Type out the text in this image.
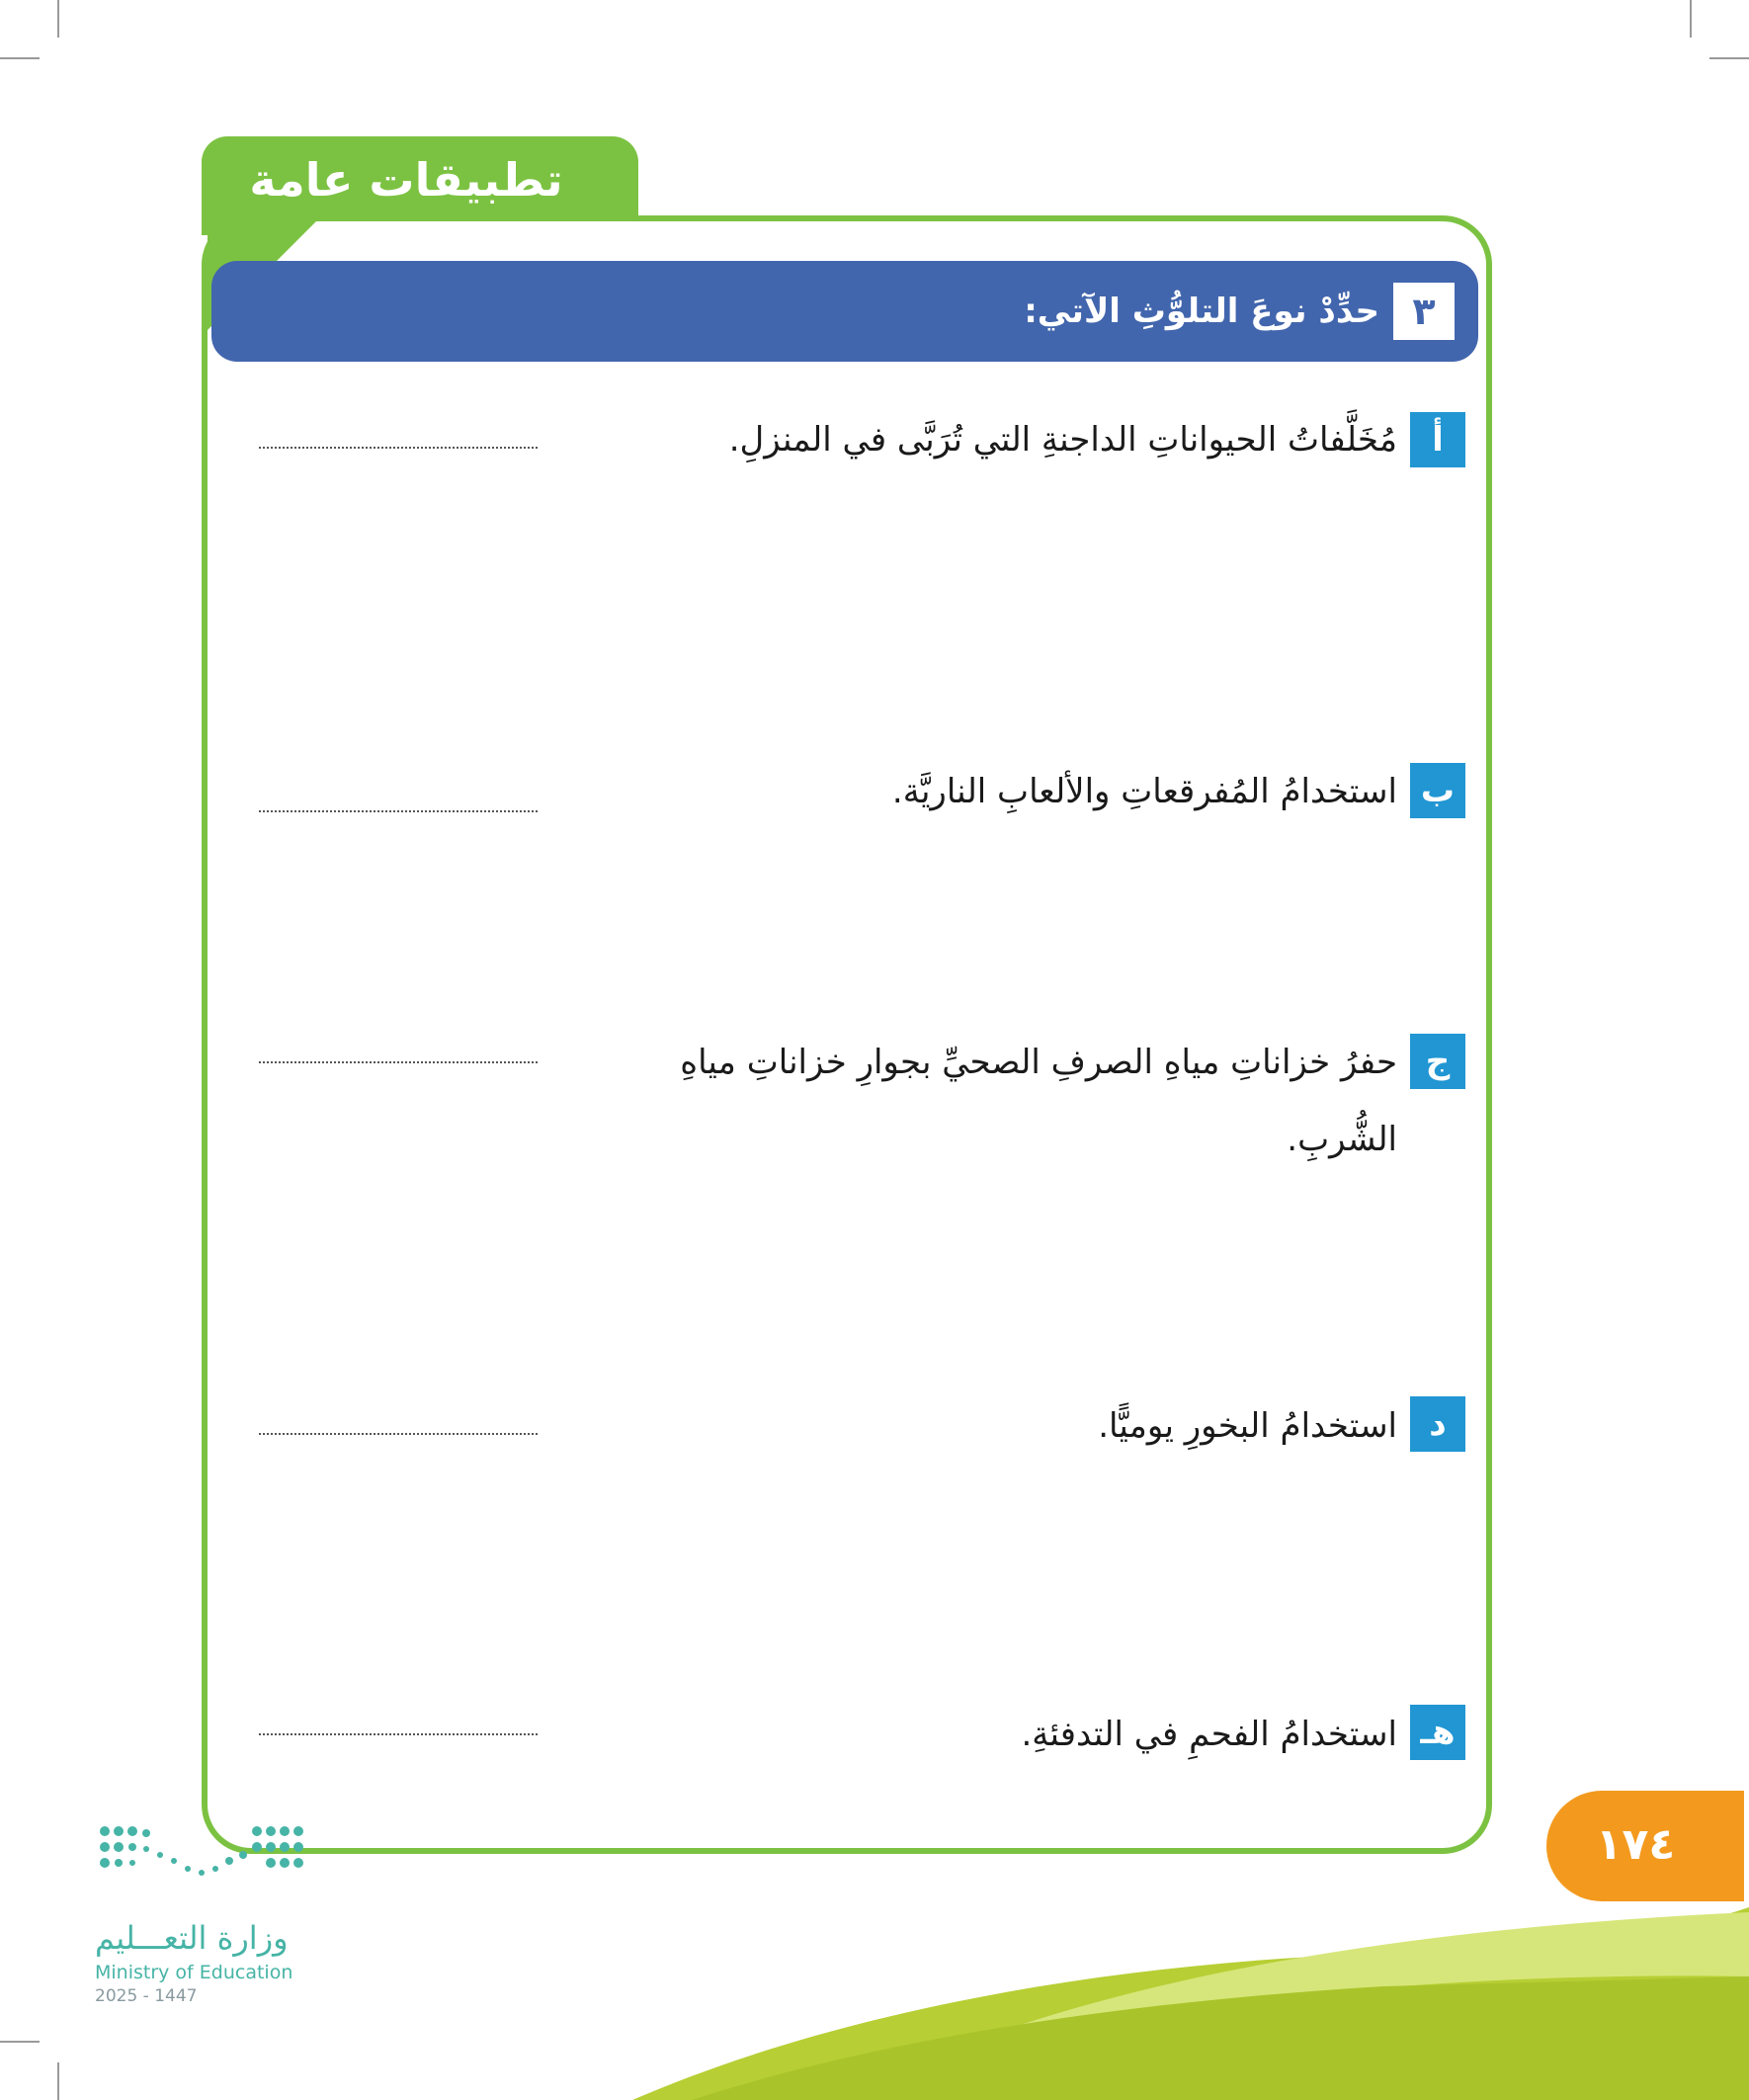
تطبيقات عامة
٣
حدِّدْ نوعَ التلوُّثِ الآتي:
أ
مُخَلَّفاتُ الحيواناتِ الداجنةِ التي تُرَبَّى في المنزلِ.
ب
استخدامُ المُفرقعاتِ والألعابِ الناريَّة.
ج
حفرُ خزاناتِ مياهِ الصرفِ الصحيِّ بجوارِ خزاناتِ مياهِ الشُّربِ.
د
استخدامُ البخورِ يوميًّا.
هـ
استخدامُ الفحمِ في التدفئةِ.
١٧٤
وزارة التعـــليم
Ministry of Education
2025 - 1447
